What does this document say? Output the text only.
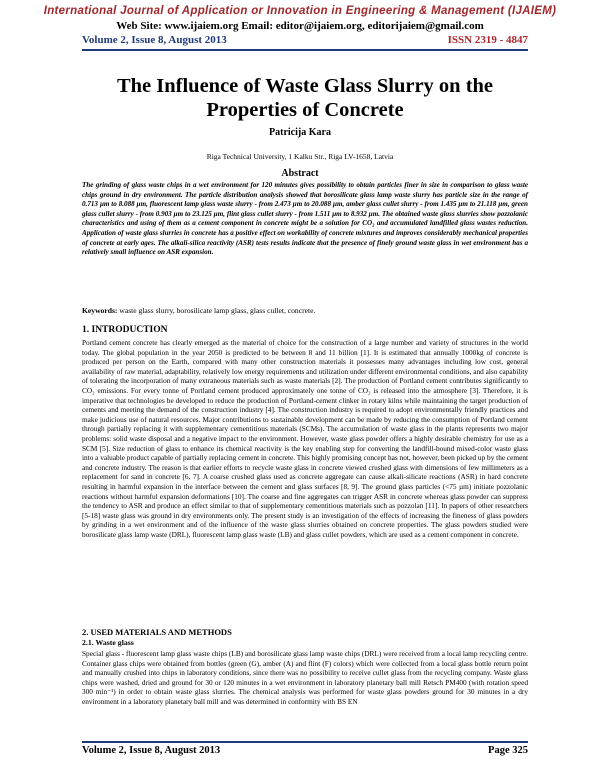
International Journal of Application or Innovation in Engineering & Management (IJAIEM)
Web Site: www.ijaiem.org Email: editor@ijaiem.org, editorijaiem@gmail.com
Volume 2, Issue 8, August 2013	ISSN 2319 - 4847
The Influence of Waste Glass Slurry on the Properties of Concrete
Patricija Kara
Riga Technical University, 1 Kalku Str., Riga LV-1658, Latvia
Abstract
The grinding of glass waste chips in a wet environment for 120 minutes gives possibility to obtain particles finer in size in comparison to glass waste chips ground in dry environment. The particle distribution analysis showed that borosilicate glass lamp waste slurry has particle size in the range of 0.713 µm to 8.088 µm, fluorescent lamp glass waste slurry - from 2.473 µm to 20.088 µm, amber glass cullet slurry - from 1.435 µm to 21.118 µm, green glass cullet slurry - from 0.903 µm to 23.125 µm, flint glass cullet slurry - from 1.511 µm to 8.932 µm. The obtained waste glass slurries show pozzolanic characteristics and using of them as a cement component in concrete might be a solution for CO₂ and accumulated landfilled glass wastes reduction. Application of waste glass slurries in concrete has a positive effect on workability of concrete mixtures and improves considerably mechanical properties of concrete at early ages. The alkali-silica reactivity (ASR) tests results indicate that the presence of finely ground waste glass in wet environment has a relatively small influence on ASR expansion.
Keywords: waste glass slurry, borosilicate lamp glass, glass cullet, concrete.
1. INTRODUCTION
Portland cement concrete has clearly emerged as the material of choice for the construction of a large number and variety of structures in the world today. The global population in the year 2050 is predicted to be between 8 and 11 billion [1]. It is estimated that annually 1000kg of concrete is produced per person on the Earth, compared with many other construction materials it possesses many advantages including low cost, general availability of raw material, adaptability, relatively low energy requirements and utilization under different environmental conditions, and also capability of tolerating the incorporation of many extraneous materials such as waste materials [2]. The production of Portland cement contributes significantly to CO₂ emissions. For every tonne of Portland cement produced approximately one tonne of CO₂ is released into the atmosphere [3]. Therefore, it is imperative that technologies be developed to reduce the production of Portland-cement clinker in rotary kilns while maintaining the target production of cements and meeting the demand of the construction industry [4]. The construction industry is required to adopt environmentally friendly practices and make judicious use of natural resources. Major contributions to sustainable development can be made by reducing the consumption of Portland cement through partially replacing it with supplementary cementitious materials (SCMs). The accumulation of waste glass in the plants represents two major problems: solid waste disposal and a negative impact to the environment. However, waste glass powder offers a highly desirable chemistry for use as a SCM [5]. Size reduction of glass to enhance its chemical reactivity is the key enabling step for converting the landfill-bound mixed-color waste glass into a valuable product capable of partially replacing cement in concrete. This highly promising concept has not, however, been picked up by the cement and concrete industry. The reason is that earlier efforts to recycle waste glass in concrete viewed crushed glass with dimensions of few millimeters as a replacement for sand in concrete [6, 7]. A coarse crushed glass used as concrete aggregate can cause alkali-silicate reactions (ASR) in hard concrete resulting in harmful expansion in the interface between the cement and glass surfaces [8, 9]. The ground glass particles (<75 µm) initiate pozzolanic reactions without harmful expansion deformations [10]. The coarse and fine aggregates can trigger ASR in concrete whereas glass powder can suppress the tendency to ASR and produce an effect similar to that of supplementary cementitious materials such as pozzolan [11]. In papers of other researchers [5-18] waste glass was ground in dry environments only. The present study is an investigation of the effects of increasing the fineness of glass powders by grinding in a wet environment and of the influence of the waste glass slurries obtained on concrete properties. The glass powders studied were borosilicate glass lamp waste (DRL), fluorescent lamp glass waste (LB) and glass cullet powders, which are used as a cement component in concrete.
2. USED MATERIALS AND METHODS
2.1. Waste glass
Special glass - fluorescent lamp glass waste chips (LB) and borosilicate glass lamp waste chips (DRL) were received from a local lamp recycling centre. Container glass chips were obtained from bottles (green (G), amber (A) and flint (F) colors) which were collected from a local glass bottle return point and manually crushed into chips in laboratory conditions, since there was no possibility to receive cullet glass from the recycling company. Waste glass chips were washed, dried and ground for 30 or 120 minutes in a wet environment in laboratory planetary ball mill Retsch PM400 (with rotation speed 300 min⁻¹) in order to obtain waste glass slurries. The chemical analysis was performed for waste glass powders ground for 30 minutes in a dry environment in a laboratory planetary ball mill and was determined in conformity with BS EN
Volume 2, Issue 8, August 2013	Page 325
